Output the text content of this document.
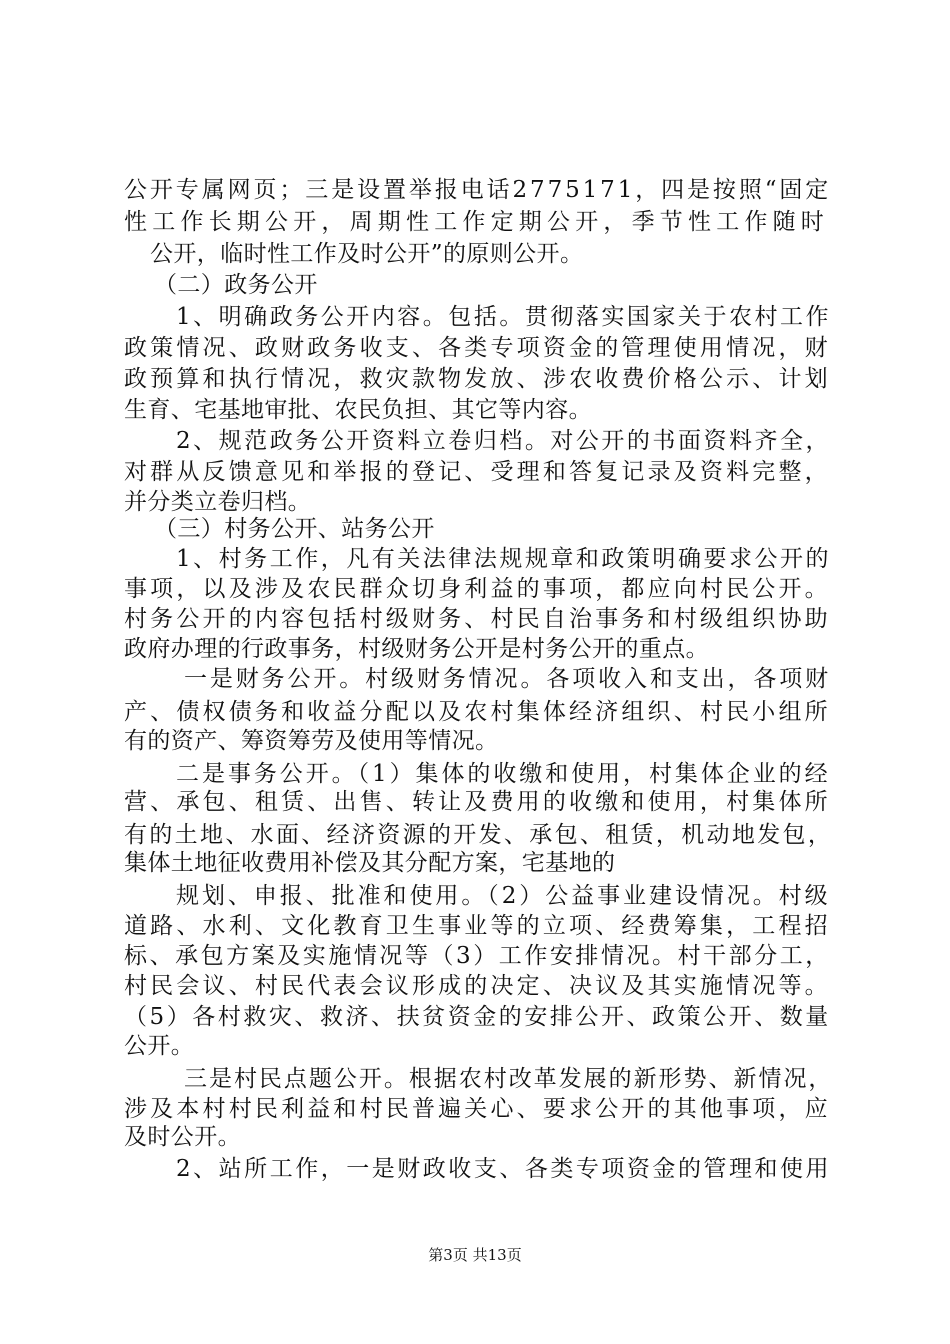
公开专属网页；三是设置举报电话2775171，四是按照“固定
性工作长期公开，周期性工作定期公开，季节性工作随时
公开，临时性工作及时公开”的原则公开。
（二）政务公开
1、明确政务公开内容。包括。贯彻落实国家关于农村工作
政策情况、政财政务收支、各类专项资金的管理使用情况，财
政预算和执行情况，救灾款物发放、涉农收费价格公示、计划
生育、宅基地审批、农民负担、其它等内容。
2、规范政务公开资料立卷归档。对公开的书面资料齐全，
对群从反馈意见和举报的登记、受理和答复记录及资料完整，
并分类立卷归档。
（三）村务公开、站务公开
1、村务工作，凡有关法律法规规章和政策明确要求公开的
事项，以及涉及农民群众切身利益的事项，都应向村民公开。
村务公开的内容包括村级财务、村民自治事务和村级组织协助
政府办理的行政事务，村级财务公开是村务公开的重点。
一是财务公开。村级财务情况。各项收入和支出，各项财
产、债权债务和收益分配以及农村集体经济组织、村民小组所
有的资产、筹资筹劳及使用等情况。
二是事务公开。（1）集体的收缴和使用，村集体企业的经
营、承包、租赁、出售、转让及费用的收缴和使用，村集体所
有的土地、水面、经济资源的开发、承包、租赁，机动地发包，
集体土地征收费用补偿及其分配方案，宅基地的
规划、申报、批准和使用。（2）公益事业建设情况。村级
道路、水利、文化教育卫生事业等的立项、经费筹集，工程招
标、承包方案及实施情况等（3）工作安排情况。村干部分工，
村民会议、村民代表会议形成的决定、决议及其实施情况等。
（5）各村救灾、救济、扶贫资金的安排公开、政策公开、数量
公开。
三是村民点题公开。根据农村改革发展的新形势、新情况，
涉及本村村民利益和村民普遍关心、要求公开的其他事项，应
及时公开。
2、站所工作，一是财政收支、各类专项资金的管理和使用
第3页 共13页
